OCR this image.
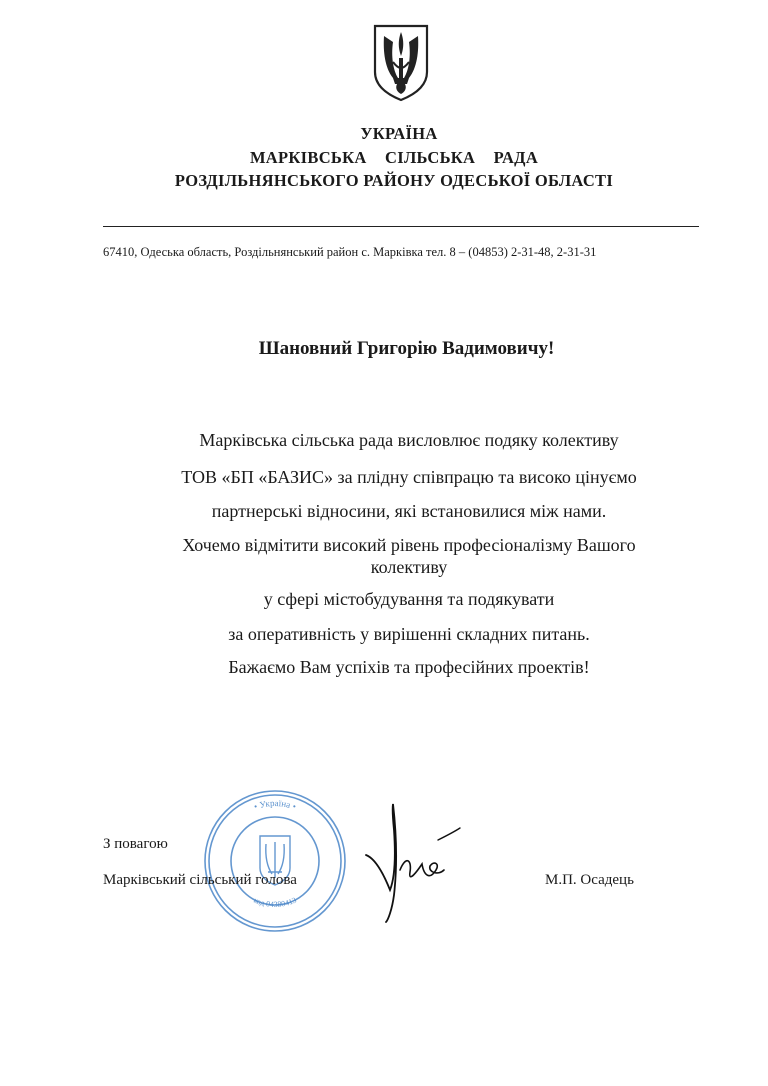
УКРАЇНА
МАРКІВСЬКА СІЛЬСЬКА РАДА
РОЗДІЛЬНЯНСЬКОГО РАЙОНУ ОДЕСЬКОЇ ОБЛАСТІ
67410, Одеська область, Роздільнянський район с. Марківка тел. 8 – (04853) 2-31-48, 2-31-31
Шановний Григорію Вадимовичу!
Марківська сільська рада висловлює подяку колективу
ТОВ «БП «БАЗИС» за плідну співпрацю та високо цінуємо
партнерські відносини, які встановилися між нами.
Хочемо відмітити високий рівень професіоналізму Вашого
колективу
у сфері містобудування та подякувати
за оперативність у вирішенні складних питань.
Бажаємо Вам успіхів та професійних проектів!
• Україна •
код 04380413
З повагою
Марківський сільський голова	М.П. Осадець
